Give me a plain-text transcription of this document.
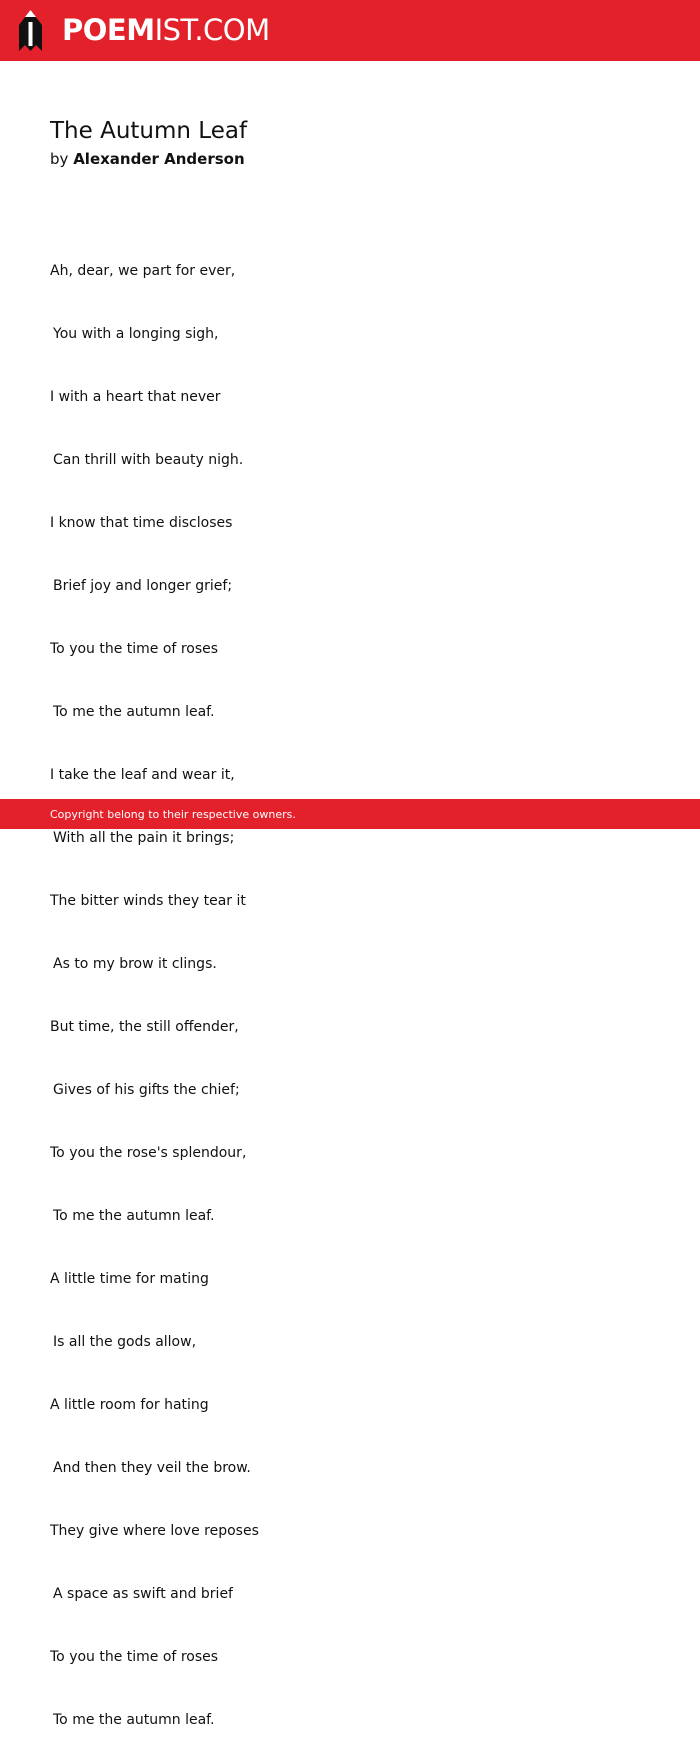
POEMIST.COM
The Autumn Leaf
by Alexander Anderson

Ah, dear, we part for ever,

You with a longing sigh,

I with a heart that never

Can thrill with beauty nigh.

I know that time discloses

Brief joy and longer grief;

To you the time of roses

To me the autumn leaf.

I take the leaf and wear it,

With all the pain it brings;

The bitter winds they tear it

As to my brow it clings.

But time, the still offender,

Gives of his gifts the chief;

To you the rose's splendour,

To me the autumn leaf.

A little time for mating

Is all the gods allow,

A little room for hating

And then they veil the brow.

They give where love reposes

A space as swift and brief

To you the time of roses

To me the autumn leaf.

Copyright belong to their respective owners.
